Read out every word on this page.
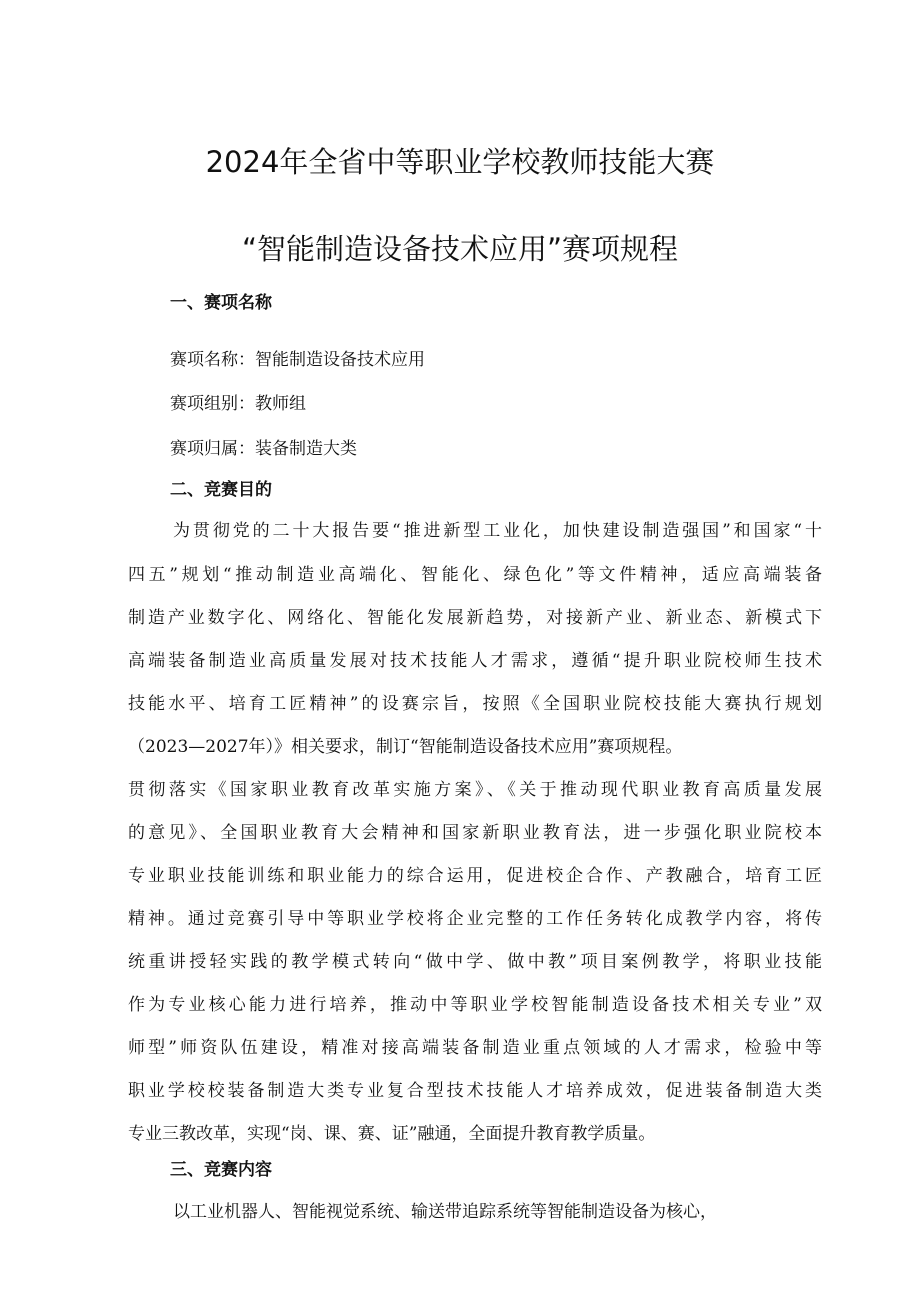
2024年全省中等职业学校教师技能大赛
“智能制造设备技术应用”赛项规程
一、赛项名称

赛项名称：智能制造设备技术应用

赛项组别：教师组

赛项归属：装备制造大类

二、竞赛目的

为贯彻党的二十大报告要“推进新型工业化，加快建设制造强国”和国家“十

四五”规划“推动制造业高端化、智能化、绿色化”等文件精神，适应高端装备

制造产业数字化、网络化、智能化发展新趋势，对接新产业、新业态、新模式下

高端装备制造业高质量发展对技术技能人才需求，遵循“提升职业院校师生技术

技能水平、培育工匠精神”的设赛宗旨，按照《全国职业院校技能大赛执行规划

（2023—2027年）》相关要求，制订“智能制造设备技术应用”赛项规程。

贯彻落实《国家职业教育改革实施方案》、《关于推动现代职业教育高质量发展

的意见》、全国职业教育大会精神和国家新职业教育法，进一步强化职业院校本

专业职业技能训练和职业能力的综合运用，促进校企合作、产教融合，培育工匠

精神。通过竞赛引导中等职业学校将企业完整的工作任务转化成教学内容，将传

统重讲授轻实践的教学模式转向“做中学、做中教”项目案例教学，将职业技能

作为专业核心能力进行培养，推动中等职业学校智能制造设备技术相关专业”双

师型”师资队伍建设，精准对接高端装备制造业重点领域的人才需求，检验中等

职业学校校装备制造大类专业复合型技术技能人才培养成效，促进装备制造大类

专业三教改革，实现“岗、课、赛、证”融通，全面提升教育教学质量。

三、竞赛内容

以工业机器人、智能视觉系统、输送带追踪系统等智能制造设备为核心，
